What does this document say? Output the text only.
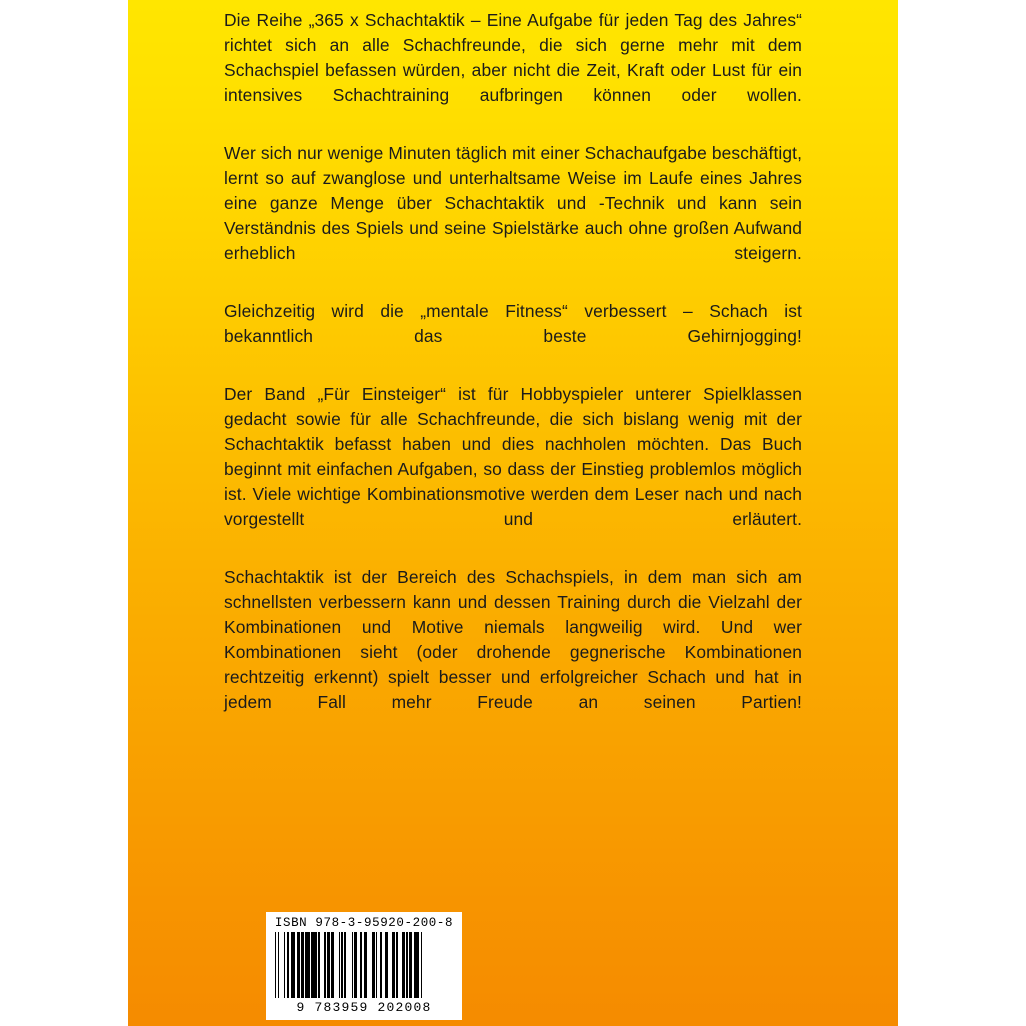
Die Reihe „365 x Schachtaktik – Eine Aufgabe für jeden Tag des Jahres“ richtet sich an alle Schachfreunde, die sich gerne mehr mit dem Schachspiel befassen würden, aber nicht die Zeit, Kraft oder Lust für ein intensives Schachtraining aufbringen können oder wollen.

Wer sich nur wenige Minuten täglich mit einer Schachaufgabe beschäftigt, lernt so auf zwanglose und unterhaltsame Weise im Laufe eines Jahres eine ganze Menge über Schachtaktik und -Technik und kann sein Verständnis des Spiels und seine Spielstärke auch ohne großen Aufwand erheblich steigern.

Gleichzeitig wird die „mentale Fitness“ verbessert – Schach ist bekanntlich das beste Gehirnjogging!

Der Band „Für Einsteiger“ ist für Hobbyspieler unterer Spielklassen gedacht sowie für alle Schachfreunde, die sich bislang wenig mit der Schachtaktik befasst haben und dies nachholen möchten. Das Buch beginnt mit einfachen Aufgaben, so dass der Einstieg problemlos möglich ist. Viele wichtige Kombinationsmotive werden dem Leser nach und nach vorgestellt und erläutert.

Schachtaktik ist der Bereich des Schachspiels, in dem man sich am schnellsten verbessern kann und dessen Training durch die Vielzahl der Kombinationen und Motive niemals langweilig wird. Und wer Kombinationen sieht (oder drohende gegnerische Kombinationen rechtzeitig erkennt) spielt besser und erfolgreicher Schach und hat in jedem Fall mehr Freude an seinen Partien!

ISBN 978-3-95920-200-8
9 783959 202008
